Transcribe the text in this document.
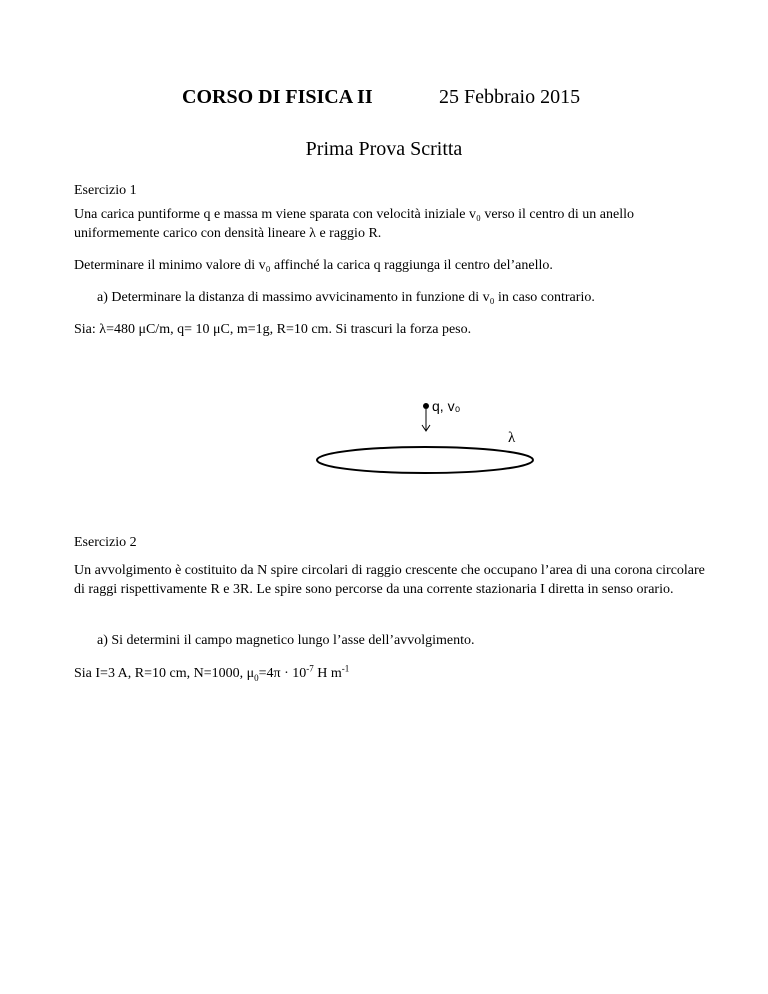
CORSO DI FISICA II	25 Febbraio 2015
Prima Prova Scritta
Esercizio 1
Una carica puntiforme q e massa m viene sparata con velocità iniziale v₀ verso il centro di un anello uniformemente carico con densità lineare λ e raggio R.
Determinare il minimo valore di v₀ affinché la carica q raggiunga il centro del’anello.
a) Determinare la distanza di massimo avvicinamento in funzione di v₀ in caso contrario.
Sia: λ=480 μC/m, q= 10 μC, m=1g, R=10 cm. Si trascuri la forza peso.
q, v₀
λ
Esercizio 2
Un avvolgimento è costituito da N spire circolari di raggio crescente che occupano l’area di una corona circolare di raggi rispettivamente R e 3R. Le spire sono percorse da una corrente stazionaria I diretta in senso orario.
a) Si determini il campo magnetico lungo l’asse dell’avvolgimento.
Sia I=3 A, R=10 cm, N=1000, $\mu_0=4\pi \cdot 10^{-7}$ H $m^{-1}$
